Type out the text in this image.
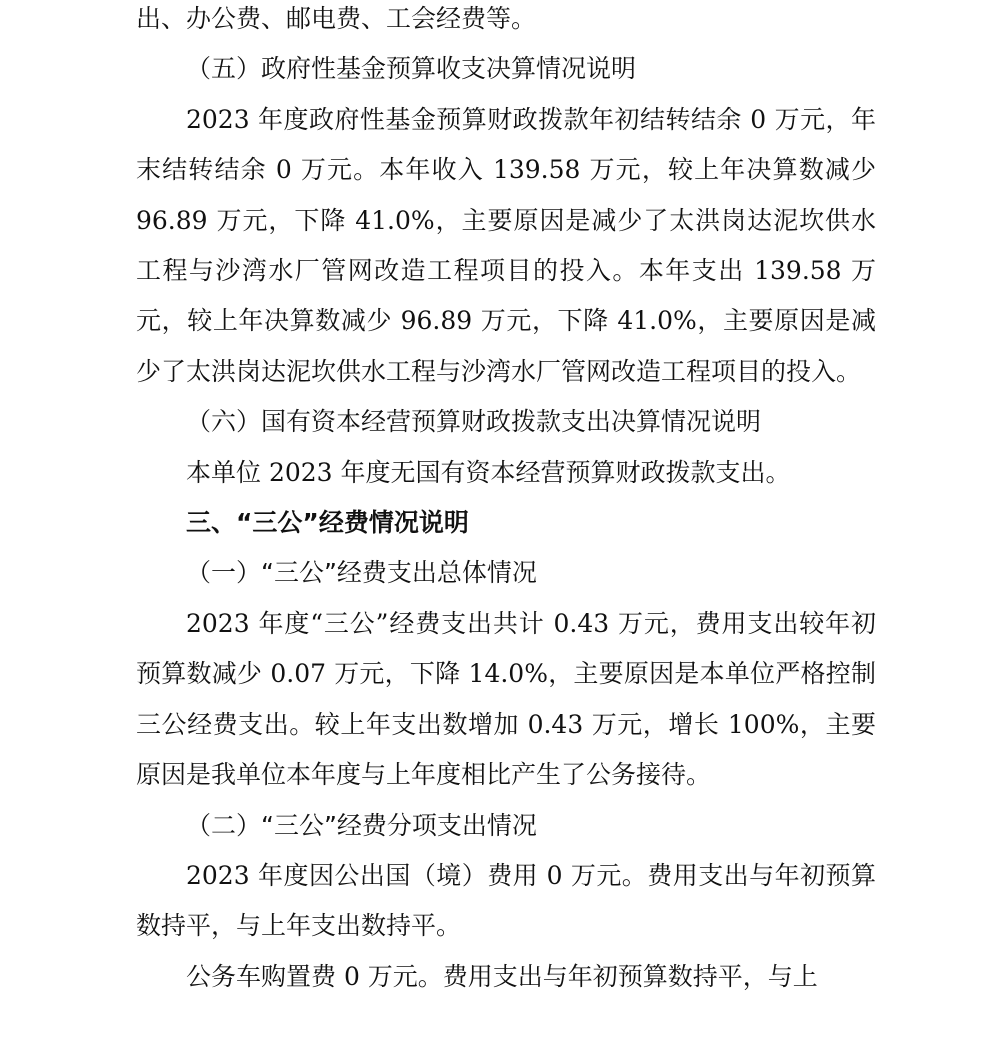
出、办公费、邮电费、工会经费等。

（五）政府性基金预算收支决算情况说明

2023 年度政府性基金预算财政拨款年初结转结余 0 万元，年末结转结余 0 万元。本年收入 139.58 万元，较上年决算数减少 96.89 万元，下降 41.0%，主要原因是减少了太洪岗达泥坎供水工程与沙湾水厂管网改造工程项目的投入。本年支出 139.58 万元，较上年决算数减少 96.89 万元，下降 41.0%，主要原因是减少了太洪岗达泥坎供水工程与沙湾水厂管网改造工程项目的投入。

（六）国有资本经营预算财政拨款支出决算情况说明

本单位 2023 年度无国有资本经营预算财政拨款支出。

三、“三公”经费情况说明
（一）“三公”经费支出总体情况

2023 年度“三公”经费支出共计 0.43 万元，费用支出较年初预算数减少 0.07 万元，下降 14.0%，主要原因是本单位严格控制三公经费支出。较上年支出数增加 0.43 万元，增长 100%，主要原因是我单位本年度与上年度相比产生了公务接待。

（二）“三公”经费分项支出情况

2023 年度因公出国（境）费用 0 万元。费用支出与年初预算数持平，与上年支出数持平。

公务车购置费 0 万元。费用支出与年初预算数持平，与上
